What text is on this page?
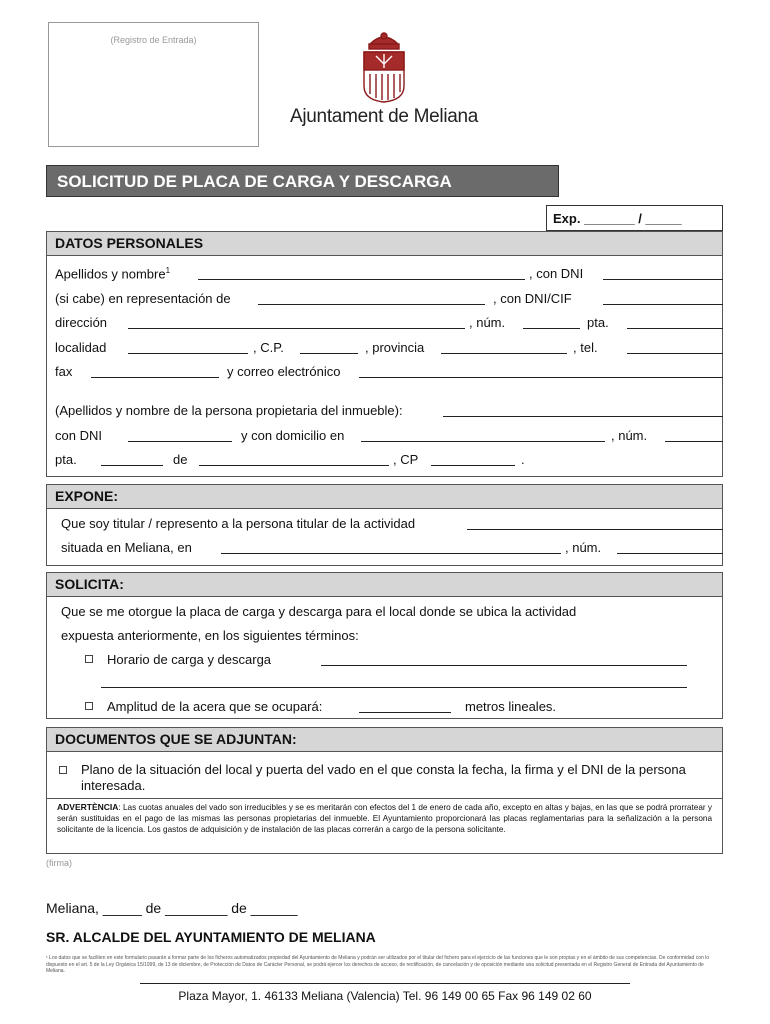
(Registro de Entrada)
Ajuntament de Meliana
SOLICITUD DE PLACA DE CARGA Y DESCARGA
Exp. _______ / _____
DATOS PERSONALES
Apellidos y nombre$^1$	, con DNI
(si cabe) en representación de	, con DNI/CIF
dirección	, núm.	pta.
localidad	, C.P.	, provincia	, tel.
fax	y correo electrónico
(Apellidos y nombre de la persona propietaria del inmueble):
con DNI	y con domicilio en	, núm.
pta.	de	, CP	.
EXPONE:
Que soy titular / represento a la persona titular de la actividad
situada en Meliana, en	, núm.
SOLICITA:
Que se me otorgue la placa de carga y descarga para el local donde se ubica la actividad
expuesta anteriormente, en los siguientes términos:
Horario de carga y descarga
Amplitud de la acera que se ocupará:	metros lineales.
DOCUMENTOS QUE SE ADJUNTAN:
Plano de la situación del local y puerta del vado en el que consta la fecha, la firma y el DNI de la persona interesada.
ADVERTÈNCIA: Las cuotas anuales del vado son irreducibles y se es meritarán con efectos del 1 de enero de cada año, excepto en altas y bajas, en las que se podrá prorratear y serán sustituidas en el pago de las mismas las personas propietarias del inmueble. El Ayuntamiento proporcionará las placas reglamentarias para la señalización a la persona solicitante de la licencia. Los gastos de adquisición y de instalación de las placas correrán a cargo de la persona solicitante.
(firma)
Meliana, _____ de ________ de ______
SR. ALCALDE DEL AYUNTAMIENTO DE MELIANA
¹ Los datos que se faciliten en este formulario pasarán a formar parte de los ficheros automatizados propiedad del Ayuntamiento de Meliana y podrán ser utilizados por el titular del fichero para el ejercicio de las funciones que le son propias y en el ámbito de sus competencias. De conformidad con lo dispuesto en el art. 5 de la Ley Orgánica 15/1999, de 13 de diciembre, de Protección de Datos de Carácter Personal, se podrá ejercer los derechos de acceso, de rectificación, de cancelación y de oposición mediante una solicitud presentada en el Registro General de Entrada del Ayuntamiento de Meliana.
Plaza Mayor, 1. 46133 Meliana (Valencia) Tel. 96 149 00 65 Fax 96 149 02 60
